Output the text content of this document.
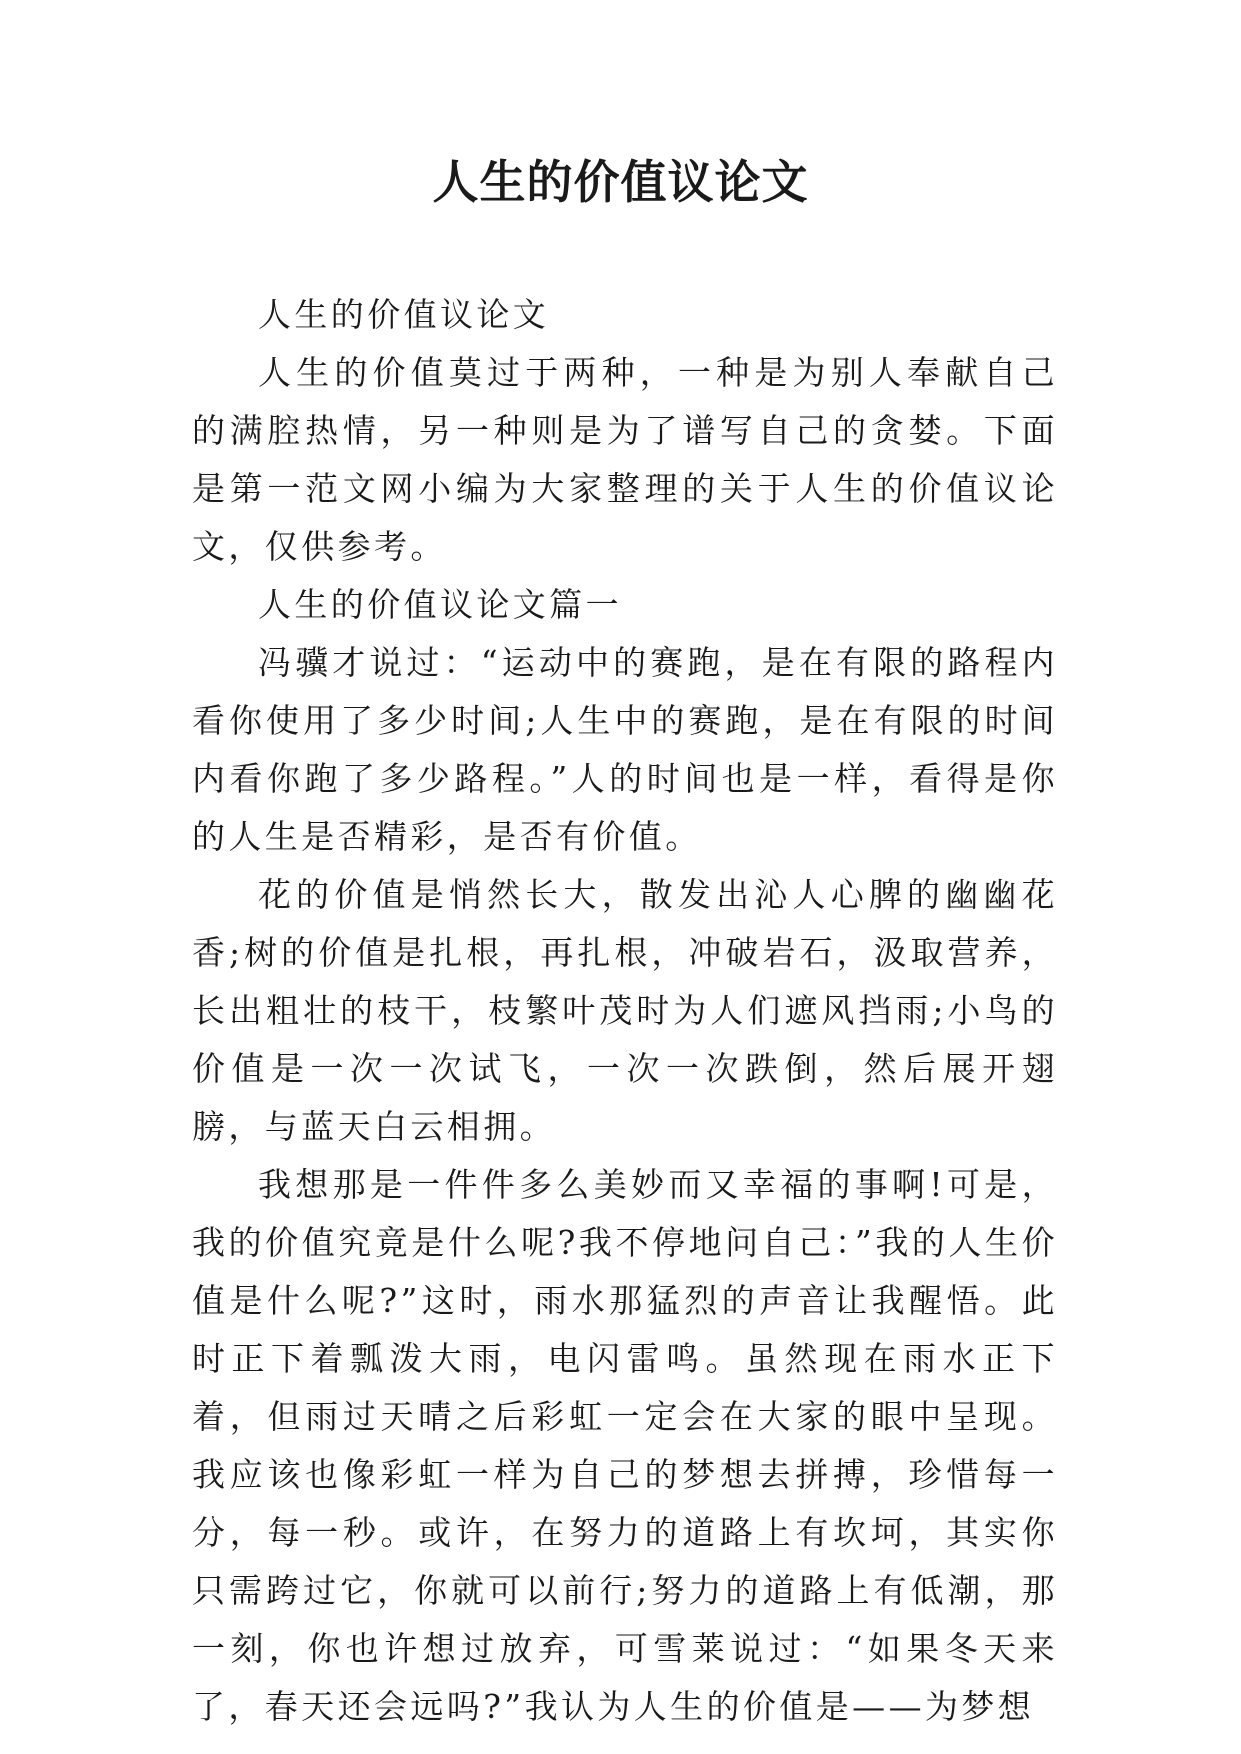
人生的价值议论文

人生的价值议论文

人生的价值莫过于两种，一种是为别人奉献自己的满腔热情，另一种则是为了谱写自己的贪婪。下面是第一范文网小编为大家整理的关于人生的价值议论文，仅供参考。

人生的价值议论文篇一

冯骥才说过：“运动中的赛跑，是在有限的路程内看你使用了多少时间;人生中的赛跑，是在有限的时间内看你跑了多少路程。”人的时间也是一样，看得是你的人生是否精彩，是否有价值。

花的价值是悄然长大，散发出沁人心脾的幽幽花香;树的价值是扎根，再扎根，冲破岩石，汲取营养，长出粗壮的枝干，枝繁叶茂时为人们遮风挡雨;小鸟的价值是一次一次试飞，一次一次跌倒，然后展开翅膀，与蓝天白云相拥。

我想那是一件件多么美妙而又幸福的事啊!可是，我的价值究竟是什么呢?我不停地问自己：”我的人生价值是什么呢?”这时，雨水那猛烈的声音让我醒悟。此时正下着瓢泼大雨，电闪雷鸣。虽然现在雨水正下着，但雨过天晴之后彩虹一定会在大家的眼中呈现。我应该也像彩虹一样为自己的梦想去拼搏，珍惜每一分，每一秒。或许，在努力的道路上有坎坷，其实你只需跨过它，你就可以前行;努力的道路上有低潮，那一刻，你也许想过放弃，可雪莱说过：“如果冬天来了，春天还会远吗?”我认为人生的价值是——为梦想
